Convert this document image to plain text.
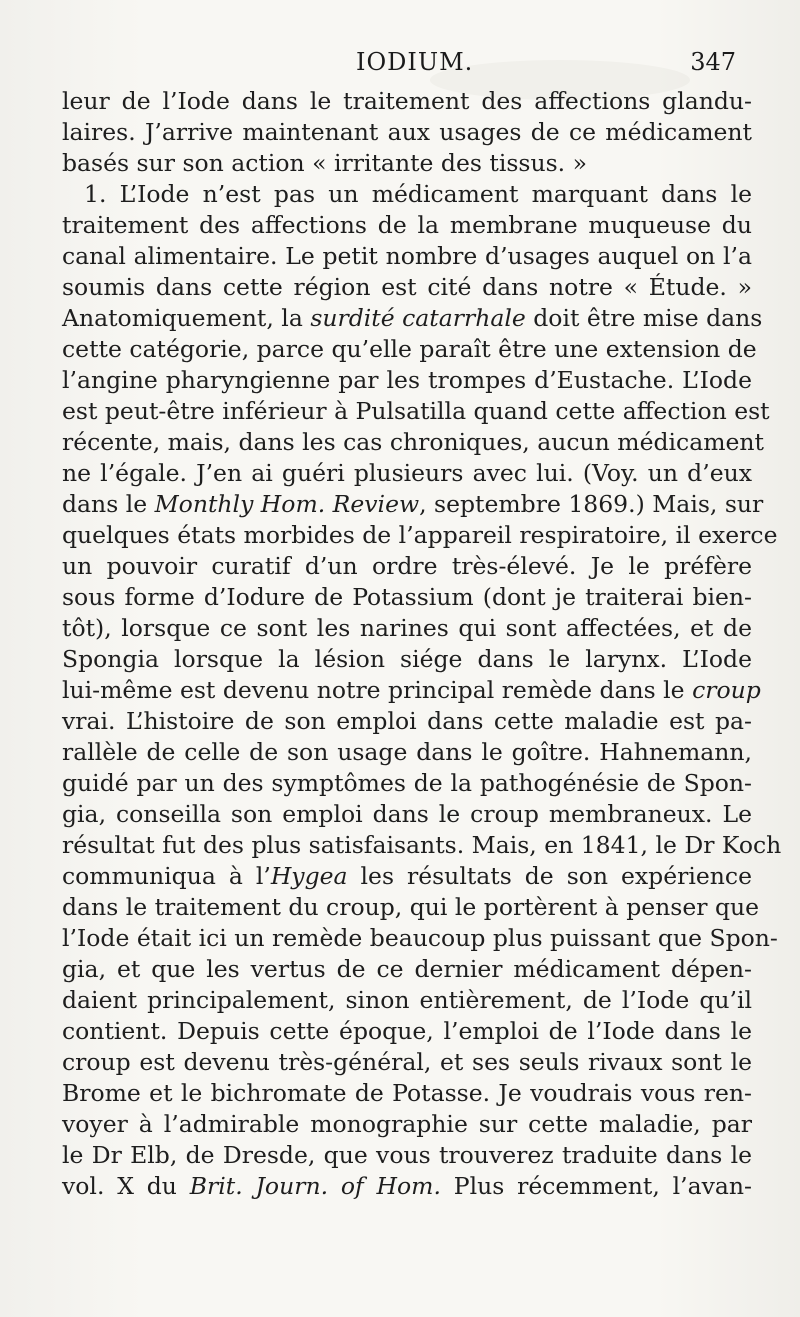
IODIUM.	347
leur de l’Iode dans le traitement des affections glandu-
laires. J’arrive maintenant aux usages de ce médicament
basés sur son action « irritante des tissus. »
1. L’Iode n’est pas un médicament marquant dans le
traitement des affections de la membrane muqueuse du
canal alimentaire. Le petit nombre d’usages auquel on l’a
soumis dans cette région est cité dans notre « Étude. »
Anatomiquement, la surdité catarrhale doit être mise dans
cette catégorie, parce qu’elle paraît être une extension de
l’angine pharyngienne par les trompes d’Eustache. L’Iode
est peut-être inférieur à Pulsatilla quand cette affection est
récente, mais, dans les cas chroniques, aucun médicament
ne l’égale. J’en ai guéri plusieurs avec lui. (Voy. un d’eux
dans le Monthly Hom. Review, septembre 1869.) Mais, sur
quelques états morbides de l’appareil respiratoire, il exerce
un pouvoir curatif d’un ordre très-élevé. Je le préfère
sous forme d’Iodure de Potassium (dont je traiterai bien-
tôt), lorsque ce sont les narines qui sont affectées, et de
Spongia lorsque la lésion siége dans le larynx. L’Iode
lui-même est devenu notre principal remède dans le croup
vrai. L’histoire de son emploi dans cette maladie est pa-
rallèle de celle de son usage dans le goître. Hahnemann,
guidé par un des symptômes de la pathogénésie de Spon-
gia, conseilla son emploi dans le croup membraneux. Le
résultat fut des plus satisfaisants. Mais, en 1841, le Dr Koch
communiqua à l’Hygea les résultats de son expérience
dans le traitement du croup, qui le portèrent à penser que
l’Iode était ici un remède beaucoup plus puissant que Spon-
gia, et que les vertus de ce dernier médicament dépen-
daient principalement, sinon entièrement, de l’Iode qu’il
contient. Depuis cette époque, l’emploi de l’Iode dans le
croup est devenu très-général, et ses seuls rivaux sont le
Brome et le bichromate de Potasse. Je voudrais vous ren-
voyer à l’admirable monographie sur cette maladie, par
le Dr Elb, de Dresde, que vous trouverez traduite dans le
vol. X du Brit. Journ. of Hom. Plus récemment, l’avan-
